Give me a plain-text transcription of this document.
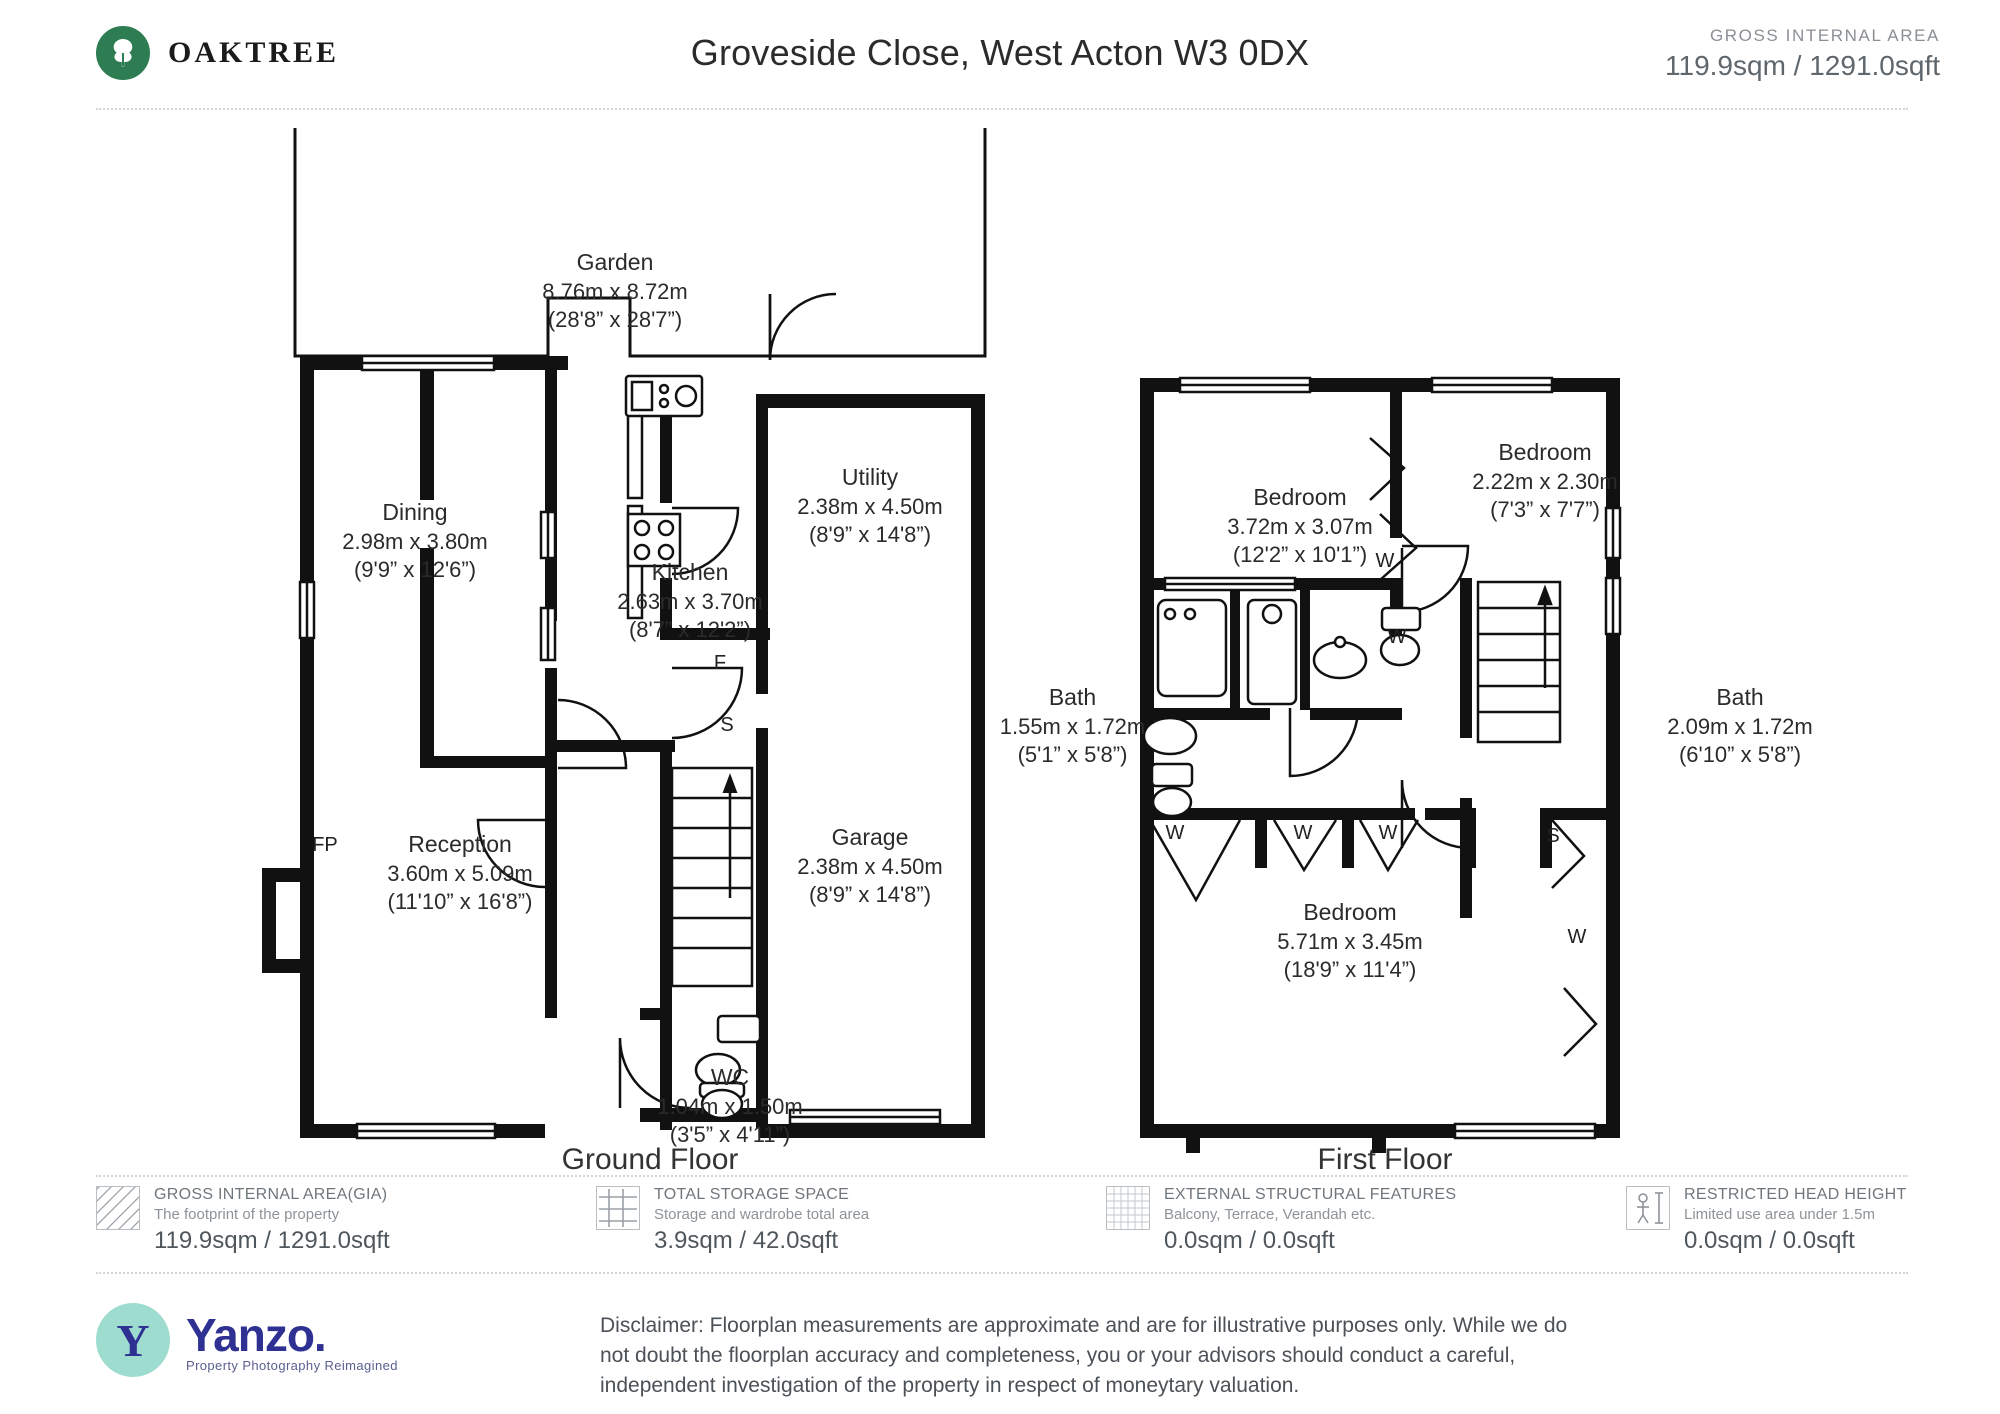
OAKTREE	Groveside Close, West Acton W3 0DX	GROSS INTERNAL AREA
119.9sqm / 1291.0sqft
Garden
8.76m x 8.72m
(28'8” x 28'7”)
Dining
2.98m x 3.80m
(9'9” x 12'6”)
Utility
2.38m x 4.50m
(8'9” x 14'8”)
Kitchen
2.63m x 3.70m
(8'7” x 12'2”)
Reception
3.60m x 5.09m
(11'10” x 16'8”)
Garage
2.38m x 4.50m
(8'9” x 14'8”)
WC
1.04m x 1.50m
(3'5” x 4'11”)
Bath
1.55m x 1.72m
(5'1” x 5'8”)
Bedroom
3.72m x 3.07m
(12'2” x 10'1”)
Bedroom
2.22m x 2.30m
(7'3” x 7'7”)
Bedroom
5.71m x 3.45m
(18'9” x 11'4”)
Bath
2.09m x 1.72m
(6'10” x 5'8”)
FP
F
S
S
W
W
W	W	W
W
Ground Floor	First Floor
GROSS INTERNAL AREA(GIA)
The footprint of the property
119.9sqm / 1291.0sqft
TOTAL STORAGE SPACE
Storage and wardrobe total area
3.9sqm / 42.0sqft
EXTERNAL STRUCTURAL FEATURES
Balcony, Terrace, Verandah etc.
0.0sqm / 0.0sqft
RESTRICTED HEAD HEIGHT
Limited use area under 1.5m
0.0sqm / 0.0sqft
Y Yanzo.
Property Photography Reimagined
Disclaimer: Floorplan measurements are approximate and are for illustrative purposes only. While we do not doubt the floorplan accuracy and completeness, you or your advisors should conduct a careful, independent investigation of the property in respect of moneytary valuation.
